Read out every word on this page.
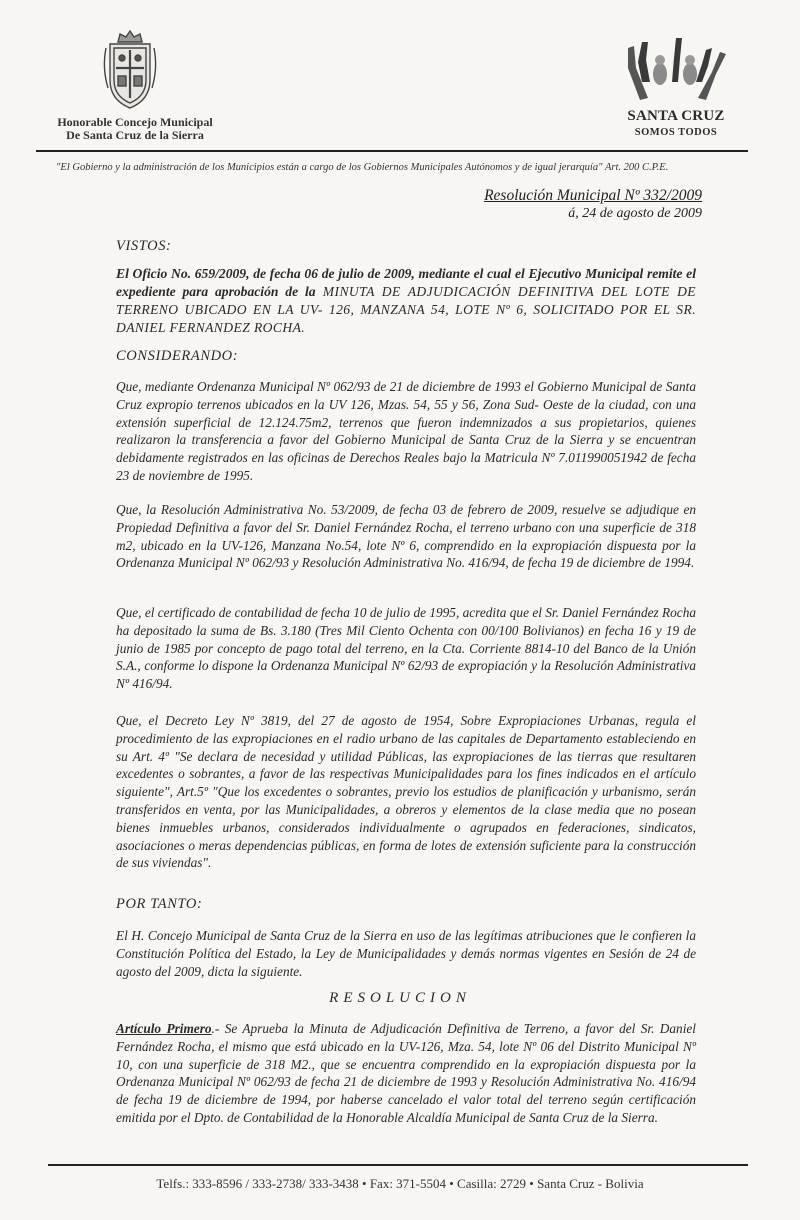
Honorable Concejo Municipal
De Santa Cruz de la Sierra
SANTA CRUZ
SOMOS TODOS
"El Gobierno y la administración de los Municipios están a cargo de los Gobiernos Municipales Autónomos y de igual jerarquía" Art. 200 C.P.E.
Resolución Municipal Nº 332/2009
á, 24 de agosto de 2009
VISTOS:
El Oficio No. 659/2009, de fecha 06 de julio de 2009, mediante el cual el Ejecutivo Municipal remite el expediente para aprobación de la MINUTA DE ADJUDICACIÓN DEFINITIVA DEL LOTE DE TERRENO UBICADO EN LA UV- 126, MANZANA 54, LOTE Nº 6, SOLICITADO POR EL SR. DANIEL FERNANDEZ ROCHA.
CONSIDERANDO:
Que, mediante Ordenanza Municipal Nº 062/93 de 21 de diciembre de 1993 el Gobierno Municipal de Santa Cruz expropio terrenos ubicados en la UV 126, Mzas. 54, 55 y 56, Zona Sud- Oeste de la ciudad, con una extensión superficial de 12.124.75m2, terrenos que fueron indemnizados a sus propietarios, quienes realizaron la transferencia a favor del Gobierno Municipal de Santa Cruz de la Sierra y se encuentran debidamente registrados en las oficinas de Derechos Reales bajo la Matricula Nº 7.011990051942 de fecha 23 de noviembre de 1995.
Que, la Resolución Administrativa No. 53/2009, de fecha 03 de febrero de 2009, resuelve se adjudique en Propiedad Definitiva a favor del Sr. Daniel Fernández Rocha, el terreno urbano con una superficie de 318 m2, ubicado en la UV-126, Manzana No.54, lote Nº 6, comprendido en la expropiación dispuesta por la Ordenanza Municipal Nº 062/93 y Resolución Administrativa No. 416/94, de fecha 19 de diciembre de 1994.
Que, el certificado de contabilidad de fecha 10 de julio de 1995, acredita que el Sr. Daniel Fernández Rocha ha depositado la suma de Bs. 3.180 (Tres Mil Ciento Ochenta con 00/100 Bolivianos) en fecha 16 y 19 de junio de 1985 por concepto de pago total del terreno, en la Cta. Corriente 8814-10 del Banco de la Unión S.A., conforme lo dispone la Ordenanza Municipal Nº 62/93 de expropiación y la Resolución Administrativa Nº 416/94.
Que, el Decreto Ley Nº 3819, del 27 de agosto de 1954, Sobre Expropiaciones Urbanas, regula el procedimiento de las expropiaciones en el radio urbano de las capitales de Departamento estableciendo en su Art. 4º "Se declara de necesidad y utilidad Públicas, las expropiaciones de las tierras que resultaren excedentes o sobrantes, a favor de las respectivas Municipalidades para los fines indicados en el artículo siguiente", Art.5º "Que los excedentes o sobrantes, previo los estudios de planificación y urbanismo, serán transferidos en venta, por las Municipalidades, a obreros y elementos de la clase media que no posean bienes inmuebles urbanos, considerados individualmente o agrupados en federaciones, sindicatos, asociaciones o meras dependencias públicas, en forma de lotes de extensión suficiente para la construcción de sus viviendas".
POR TANTO:
El H. Concejo Municipal de Santa Cruz de la Sierra en uso de las legítimas atribuciones que le confieren la Constitución Política del Estado, la Ley de Municipalidades y demás normas vigentes en Sesión de 24 de agosto del 2009, dicta la siguiente.
RESOLUCION
Artículo Primero.- Se Aprueba la Minuta de Adjudicación Definitiva de Terreno, a favor del Sr. Daniel Fernández Rocha, el mismo que está ubicado en la UV-126, Mza. 54, lote Nº 06 del Distrito Municipal Nº 10, con una superficie de 318 M2., que se encuentra comprendido en la expropiación dispuesta por la Ordenanza Municipal Nº 062/93 de fecha 21 de diciembre de 1993 y Resolución Administrativa No. 416/94 de fecha 19 de diciembre de 1994, por haberse cancelado el valor total del terreno según certificación emitida por el Dpto. de Contabilidad de la Honorable Alcaldía Municipal de Santa Cruz de la Sierra.
Telfs.: 333-8596 / 333-2738/ 333-3438 • Fax: 371-5504 • Casilla: 2729 • Santa Cruz - Bolivia
